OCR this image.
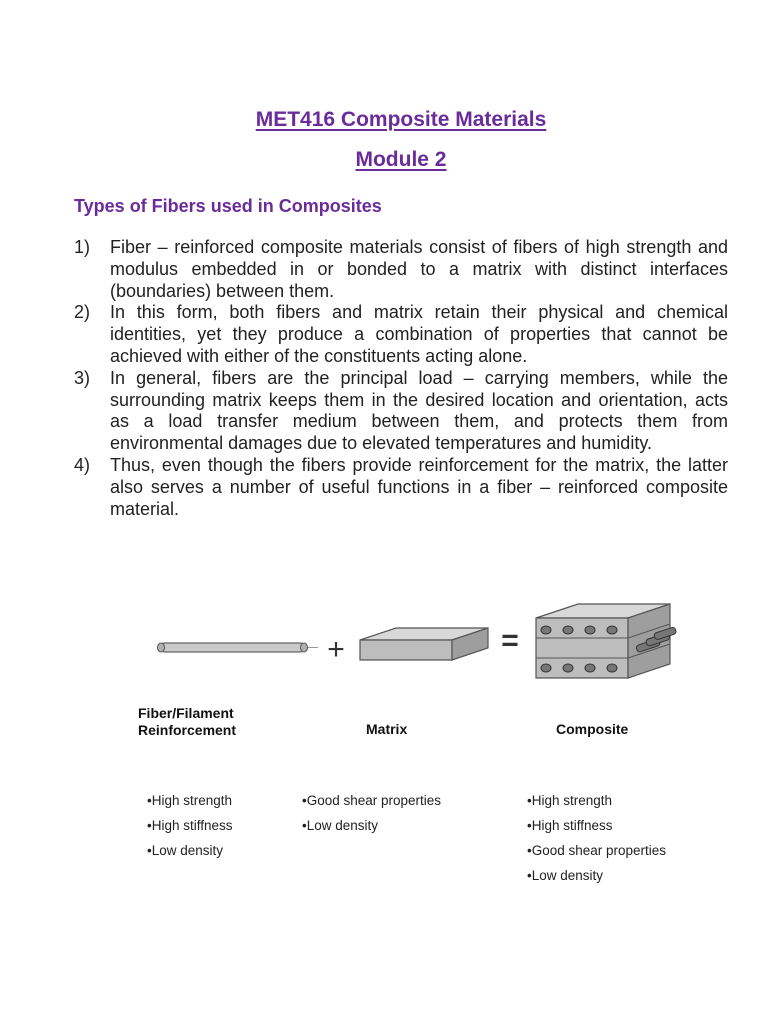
MET416 Composite Materials
Module 2
Types of Fibers used in Composites
1) Fiber – reinforced composite materials consist of fibers of high strength and modulus embedded in or bonded to a matrix with distinct interfaces (boundaries) between them.
2) In this form, both fibers and matrix retain their physical and chemical identities, yet they produce a combination of properties that cannot be achieved with either of the constituents acting alone.
3) In general, fibers are the principal load – carrying members, while the surrounding matrix keeps them in the desired location and orientation, acts as a load transfer medium between them, and protects them from environmental damages due to elevated temperatures and humidity.
4) Thus, even though the fibers provide reinforcement for the matrix, the latter also serves a number of useful functions in a fiber – reinforced composite material.
+	=
Fiber/Filament
Reinforcement	Matrix	Composite
• High strength
• High stiffness
• Low density
• Good shear properties
• Low density
• High strength
• High stiffness
• Good shear properties
• Low density
